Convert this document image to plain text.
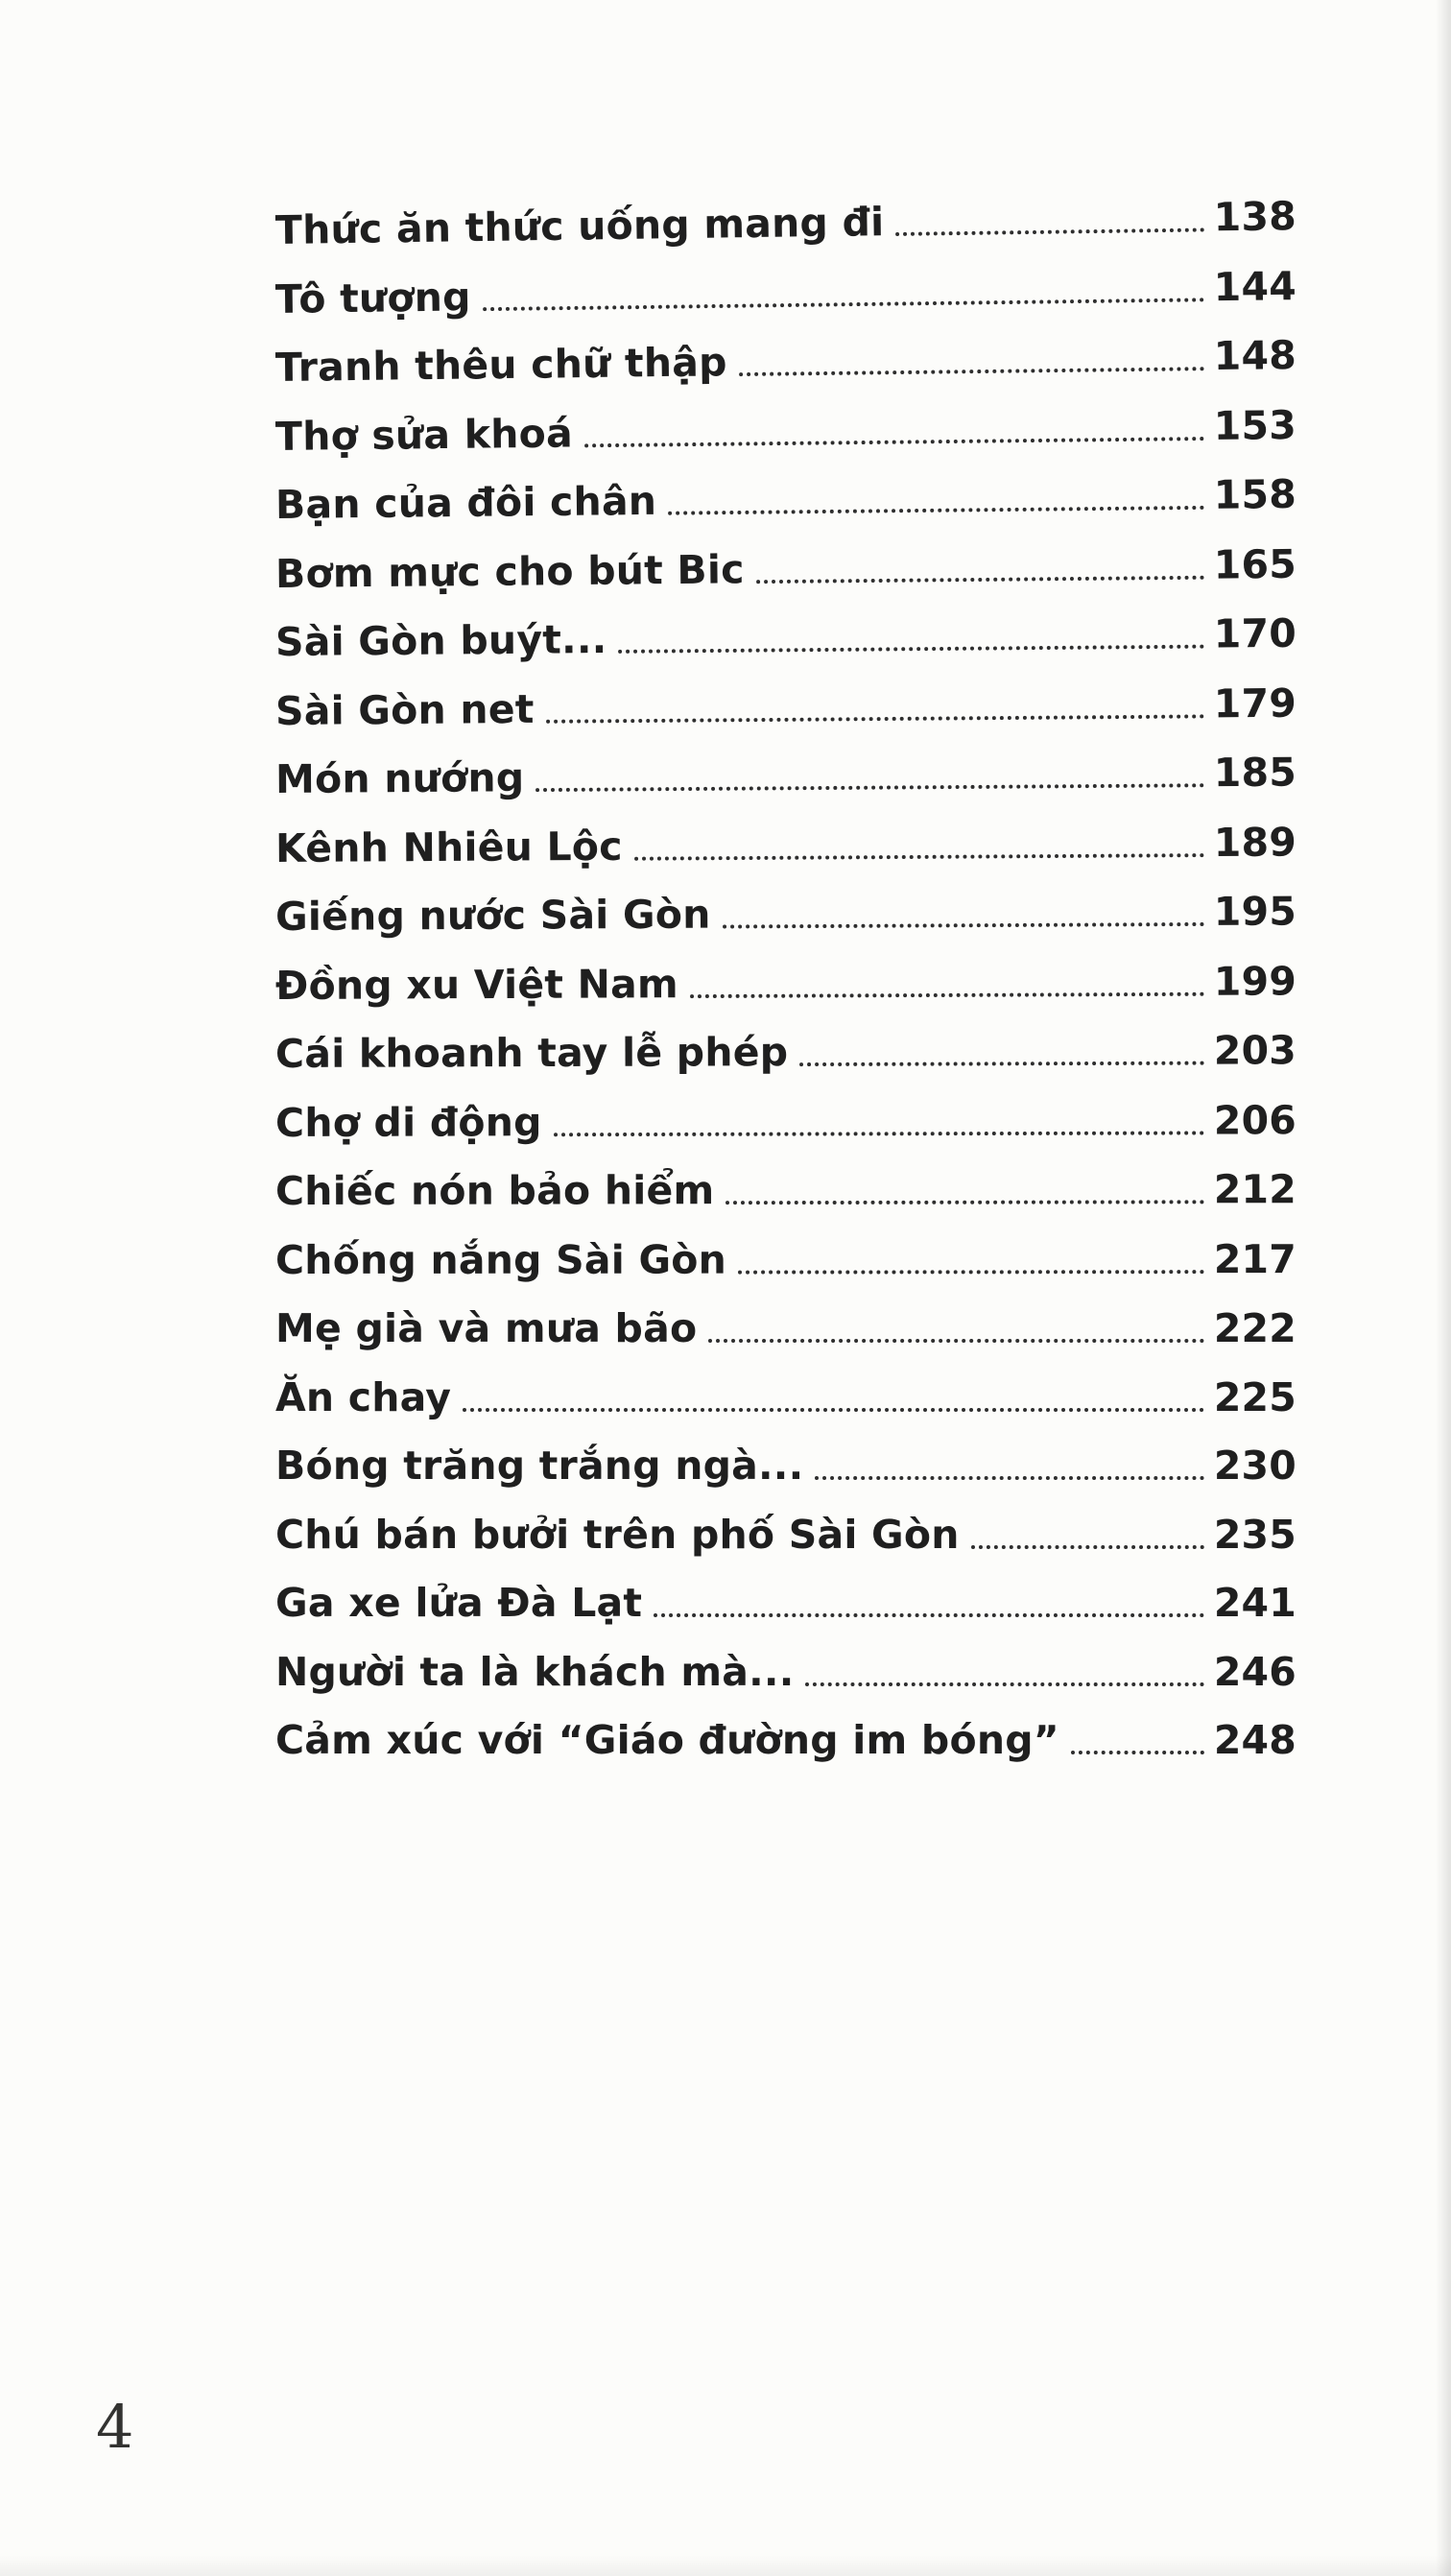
Thức ăn thức uống mang đi	138
Tô tượng	144
Tranh thêu chữ thập	148
Thợ sửa khoá	153
Bạn của đôi chân	158
Bơm mực cho bút Bic	165
Sài Gòn buýt...	170
Sài Gòn net	179
Món nướng	185
Kênh Nhiêu Lộc	189
Giếng nước Sài Gòn	195
Đồng xu Việt Nam	199
Cái khoanh tay lễ phép	203
Chợ di động	206
Chiếc nón bảo hiểm	212
Chống nắng Sài Gòn	217
Mẹ già và mưa bão	222
Ăn chay	225
Bóng trăng trắng ngà...	230
Chú bán bưởi trên phố Sài Gòn	235
Ga xe lửa Đà Lạt	241
Người ta là khách mà...	246
Cảm xúc với “Giáo đường im bóng”	248
4
